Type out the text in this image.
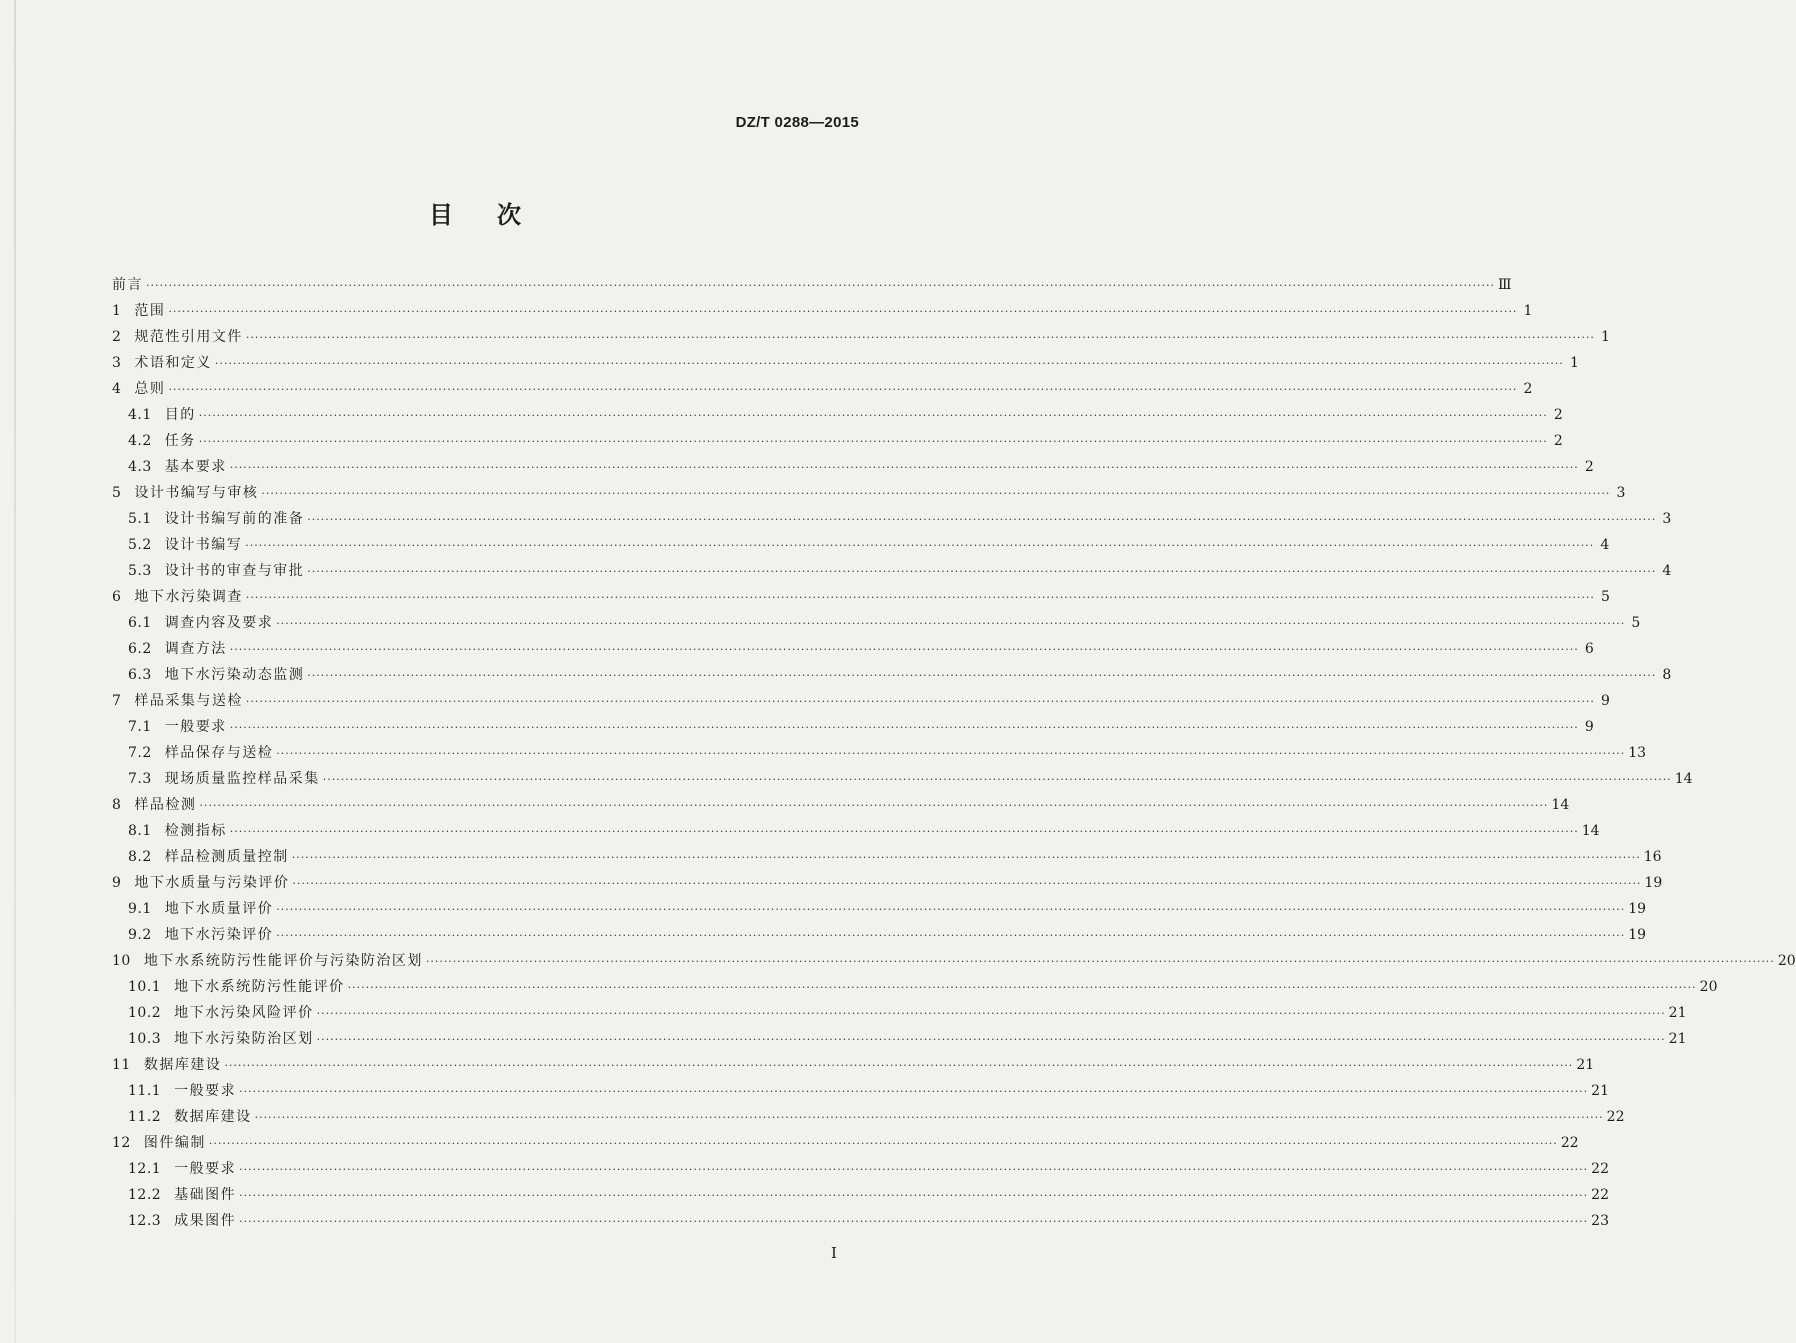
DZ/T 0288—2015
目次
前言 ············································································································································································································································································································ Ⅲ
1 范围 ············································································································································································································································································································ 1
2 规范性引用文件 ············································································································································································································································································································ 1
3 术语和定义 ············································································································································································································································································································ 1
4 总则 ············································································································································································································································································································ 2
4.1 目的 ············································································································································································································································································································ 2
4.2 任务 ············································································································································································································································································································ 2
4.3 基本要求 ············································································································································································································································································································ 2
5 设计书编写与审核 ············································································································································································································································································································ 3
5.1 设计书编写前的准备 ············································································································································································································································································································ 3
5.2 设计书编写 ············································································································································································································································································································ 4
5.3 设计书的审查与审批 ············································································································································································································································································································ 4
6 地下水污染调查 ············································································································································································································································································································ 5
6.1 调查内容及要求 ············································································································································································································································································································ 5
6.2 调查方法 ············································································································································································································································································································ 6
6.3 地下水污染动态监测 ············································································································································································································································································································ 8
7 样品采集与送检 ············································································································································································································································································································ 9
7.1 一般要求 ············································································································································································································································································································ 9
7.2 样品保存与送检 ············································································································································································································································································································ 13
7.3 现场质量监控样品采集 ············································································································································································································································································································ 14
8 样品检测 ············································································································································································································································································································ 14
8.1 检测指标 ············································································································································································································································································································ 14
8.2 样品检测质量控制 ············································································································································································································································································································ 16
9 地下水质量与污染评价 ············································································································································································································································································································ 19
9.1 地下水质量评价 ············································································································································································································································································································ 19
9.2 地下水污染评价 ············································································································································································································································································································ 19
10 地下水系统防污性能评价与污染防治区划 ············································································································································································································································································································ 20
10.1 地下水系统防污性能评价 ············································································································································································································································································································ 20
10.2 地下水污染风险评价 ············································································································································································································································································································ 21
10.3 地下水污染防治区划 ············································································································································································································································································································ 21
11 数据库建设 ············································································································································································································································································································ 21
11.1 一般要求 ············································································································································································································································································································ 21
11.2 数据库建设 ············································································································································································································································································································ 22
12 图件编制 ············································································································································································································································································································ 22
12.1 一般要求 ············································································································································································································································································································ 22
12.2 基础图件 ············································································································································································································································································································ 22
12.3 成果图件 ············································································································································································································································································································ 23
I
